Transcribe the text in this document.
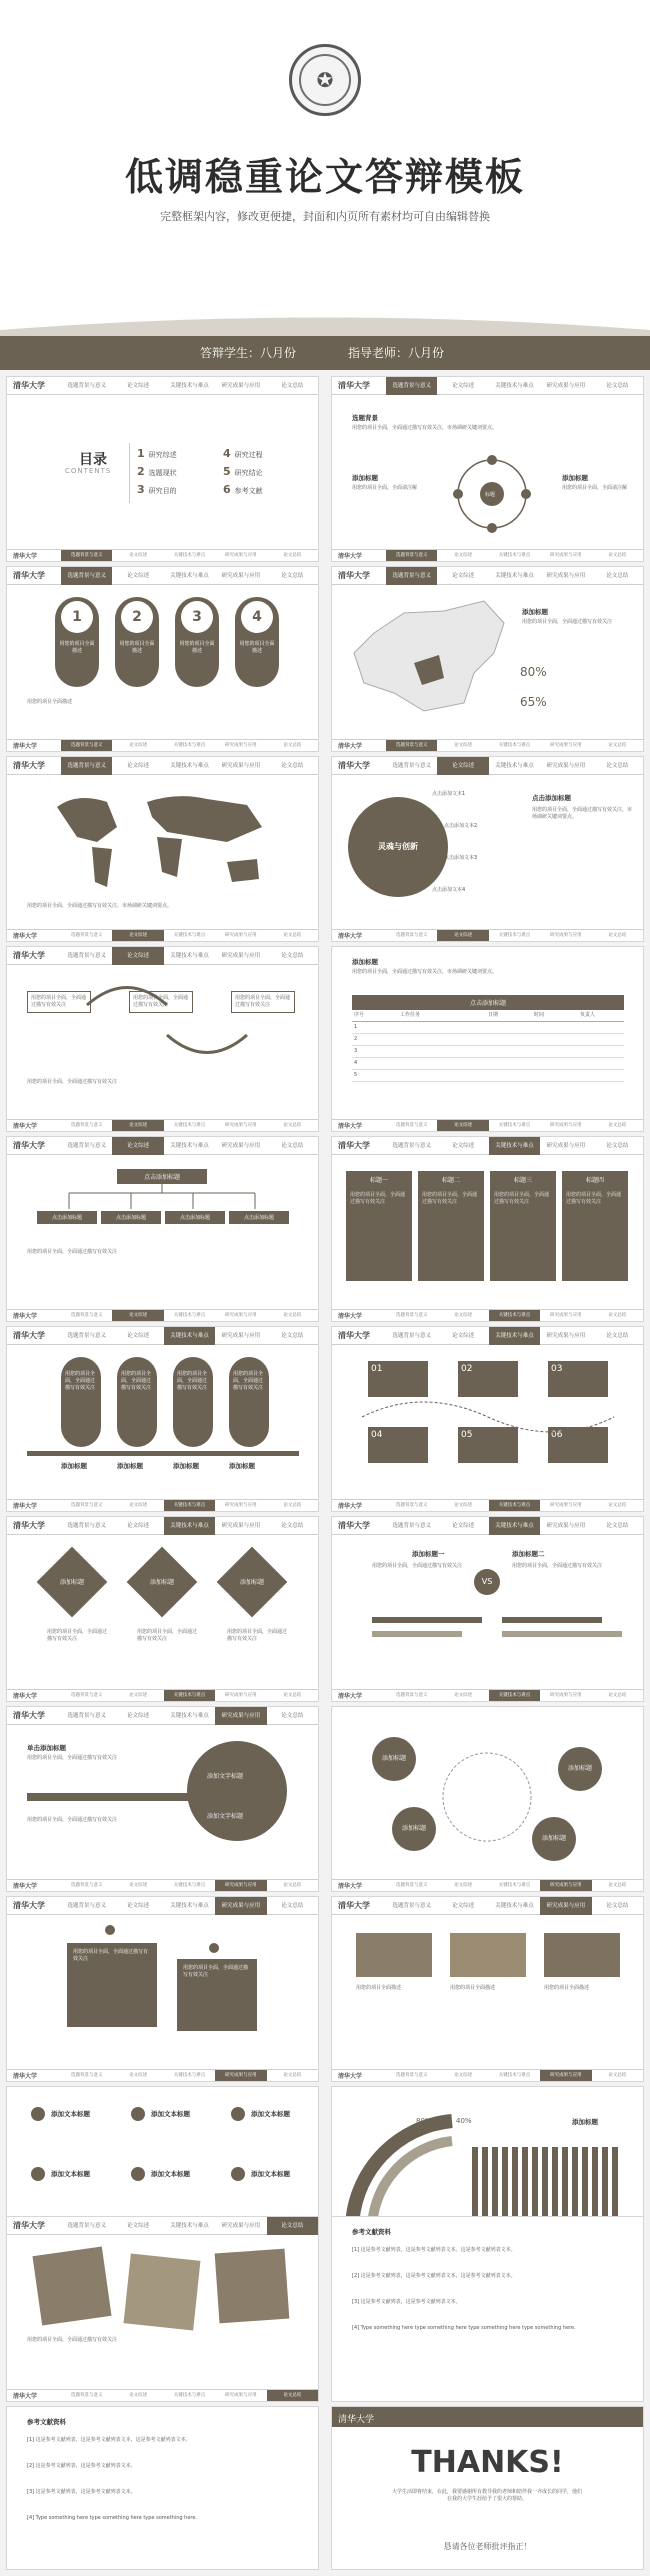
✪
低调稳重论文答辩模板
完整框架内容，修改更便捷，封面和内页所有素材均可自由编辑替换
答辩学生：八月份	指导老师：八月份
清华大学	选题背景与意义	论文综述	关键技术与难点	研究成果与应用	论文总结
目录
CONTENTS
1 研究综述
2 选题现状
3 研究目的
4 研究过程
5 研究结论
6 参考文献
清华大学	选题背景与意义	论文综述	关键技术与难点	研究成果与应用	论文总结
清华大学	选题背景与意义	论文综述	关键技术与难点	研究成果与应用	论文总结
选题背景
用您的项目全面，全面通过描写有效关注，市场调研关键词要点。
标题
添加标题
用您的项目全面，全面请注解
添加标题
用您的项目全面，全面请注解
清华大学	选题背景与意义	论文综述	关键技术与难点	研究成果与应用	论文总结
清华大学	选题背景与意义	论文综述	关键技术与难点	研究成果与应用	论文总结
1
用您的项目全面描述
2
用您的项目全面描述
3
用您的项目全面描述
4
用您的项目全面描述
用您的项目全面描述
清华大学	选题背景与意义	论文综述	关键技术与难点	研究成果与应用	论文总结
清华大学	选题背景与意义	论文综述	关键技术与难点	研究成果与应用	论文总结
添加标题
用您的项目全面，全面通过描写有效关注
80%
65%
清华大学	选题背景与意义	论文综述	关键技术与难点	研究成果与应用	论文总结
清华大学	选题背景与意义	论文综述	关键技术与难点	研究成果与应用	论文总结
用您的项目全面，全面通过描写有效关注，市场调研关键词要点。
清华大学	选题背景与意义	论文综述	关键技术与难点	研究成果与应用	论文总结
清华大学	选题背景与意义	论文综述	关键技术与难点	研究成果与应用	论文总结
灵魂与创新
点击添加文本1
点击添加文本2
点击添加文本3
点击添加文本4
点击添加标题
用您的项目全面，全面通过描写有效关注，市场调研关键词要点。
清华大学	选题背景与意义	论文综述	关键技术与难点	研究成果与应用	论文总结
清华大学	选题背景与意义	论文综述	关键技术与难点	研究成果与应用	论文总结
用您的项目全面，全面通过描写有效关注
用您的项目全面，全面通过描写有效关注
用您的项目全面，全面通过描写有效关注
用您的项目全面，全面通过描写有效关注
清华大学	选题背景与意义	论文综述	关键技术与难点	研究成果与应用	论文总结
添加标题
用您的项目全面，全面通过描写有效关注，市场调研关键词要点。
点击添加标题
序号	工作任务	日期	时间	负责人
1
2
3
4
5
清华大学	选题背景与意义	论文综述	关键技术与难点	研究成果与应用	论文总结
清华大学	选题背景与意义	论文综述	关键技术与难点	研究成果与应用	论文总结
点击添加标题
点击添加标题	点击添加标题	点击添加标题	点击添加标题
用您的项目全面，全面通过描写有效关注
清华大学	选题背景与意义	论文综述	关键技术与难点	研究成果与应用	论文总结
清华大学	选题背景与意义	论文综述	关键技术与难点	研究成果与应用	论文总结
标题一
用您的项目全面，全面通过描写有效关注
标题二
用您的项目全面，全面通过描写有效关注
标题三
用您的项目全面，全面通过描写有效关注
标题四
用您的项目全面，全面通过描写有效关注
清华大学	选题背景与意义	论文综述	关键技术与难点	研究成果与应用	论文总结
清华大学	选题背景与意义	论文综述	关键技术与难点	研究成果与应用	论文总结
用您的项目全面，全面通过描写有效关注
用您的项目全面，全面通过描写有效关注
用您的项目全面，全面通过描写有效关注
用您的项目全面，全面通过描写有效关注
添加标题	添加标题	添加标题	添加标题
清华大学	选题背景与意义	论文综述	关键技术与难点	研究成果与应用	论文总结
清华大学	选题背景与意义	论文综述	关键技术与难点	研究成果与应用	论文总结
01	02	03
04	05	06
清华大学	选题背景与意义	论文综述	关键技术与难点	研究成果与应用	论文总结
清华大学	选题背景与意义	论文综述	关键技术与难点	研究成果与应用	论文总结
添加标题	添加标题	添加标题
用您的项目全面，全面通过描写有效关注
用您的项目全面，全面通过描写有效关注
用您的项目全面，全面通过描写有效关注
清华大学	选题背景与意义	论文综述	关键技术与难点	研究成果与应用	论文总结
清华大学	选题背景与意义	论文综述	关键技术与难点	研究成果与应用	论文总结
添加标题一	添加标题二
用您的项目全面，全面通过描写有效关注	用您的项目全面，全面通过描写有效关注
VS
清华大学	选题背景与意义	论文综述	关键技术与难点	研究成果与应用	论文总结
清华大学	选题背景与意义	论文综述	关键技术与难点	研究成果与应用	论文总结
单击添加标题
用您的项目全面，全面通过描写有效关注
添加文字标题
添加文字标题
用您的项目全面，全面通过描写有效关注
清华大学	选题背景与意义	论文综述	关键技术与难点	研究成果与应用	论文总结
添加标题
添加标题
添加标题
添加标题
清华大学	选题背景与意义	论文综述	关键技术与难点	研究成果与应用	论文总结
清华大学	选题背景与意义	论文综述	关键技术与难点	研究成果与应用	论文总结
用您的项目全面，全面通过描写有效关注
用您的项目全面，全面通过描写有效关注
清华大学	选题背景与意义	论文综述	关键技术与难点	研究成果与应用	论文总结
清华大学	选题背景与意义	论文综述	关键技术与难点	研究成果与应用	论文总结
用您的项目全面描述	用您的项目全面描述	用您的项目全面描述
清华大学	选题背景与意义	论文综述	关键技术与难点	研究成果与应用	论文总结
添加文本标题	添加文本标题	添加文本标题
添加文本标题	添加文本标题	添加文本标题
80% 60% 40%	添加标题
清华大学	选题背景与意义	论文综述	关键技术与难点	研究成果与应用	论文总结
用您的项目全面，全面通过描写有效关注
清华大学	选题背景与意义	论文综述	关键技术与难点	研究成果与应用	论文总结
参考文献资料
[1] 这是参考文献列表，这是参考文献列表文本。这是参考文献列表文本。
[2] 这是参考文献列表，这是参考文献列表文本，这是参考文献列表文本。
[3] 这是参考文献列表，这是参考文献列表文本。
[4] Type something here type something here type something here type something here.
参考文献资料
[1] 这是参考文献列表，这是参考文献列表文本，这是参考文献列表文本。
[2] 这是参考文献列表，这是参考文献列表文本。
[3] 这是参考文献列表，这是参考文献列表文本。
[4] Type something here type something here type something here.
清华大学
THANKS!
大学生活即将结束，在此，我要感谢所有教导我的老师和陪伴我一齐成长的同学，他们在我的大学生涯给予了很大的帮助。
恳请各位老师批评指正！
